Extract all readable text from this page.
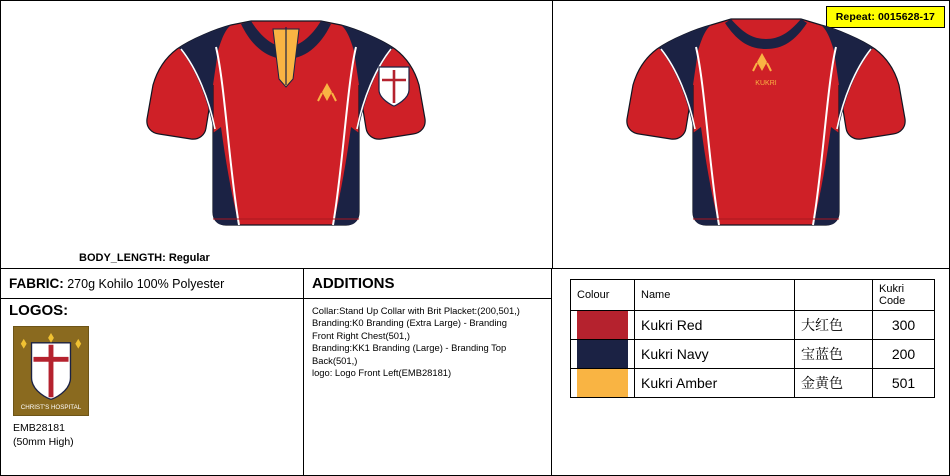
Repeat: 0015628-17
KUKRI
BODY_LENGTH: Regular
FABRIC: 270g Kohilo 100% Polyester
LOGOS:
CHRIST'S HOSPITAL
EMB28181
(50mm High)
ADDITIONS
Collar:Stand Up Collar with Brit Placket:(200,501,)
Branding:K0 Branding (Extra Large) - Branding
Front Right Chest(501,)
Branding:KK1 Branding (Large) - Branding Top
Back(501,)
logo: Logo Front Left(EMB28181)
Colour	Name		Kukri Code

	Kukri Red	大红色	300

	Kukri Navy	宝蓝色	200

	Kukri Amber	金黄色	501
